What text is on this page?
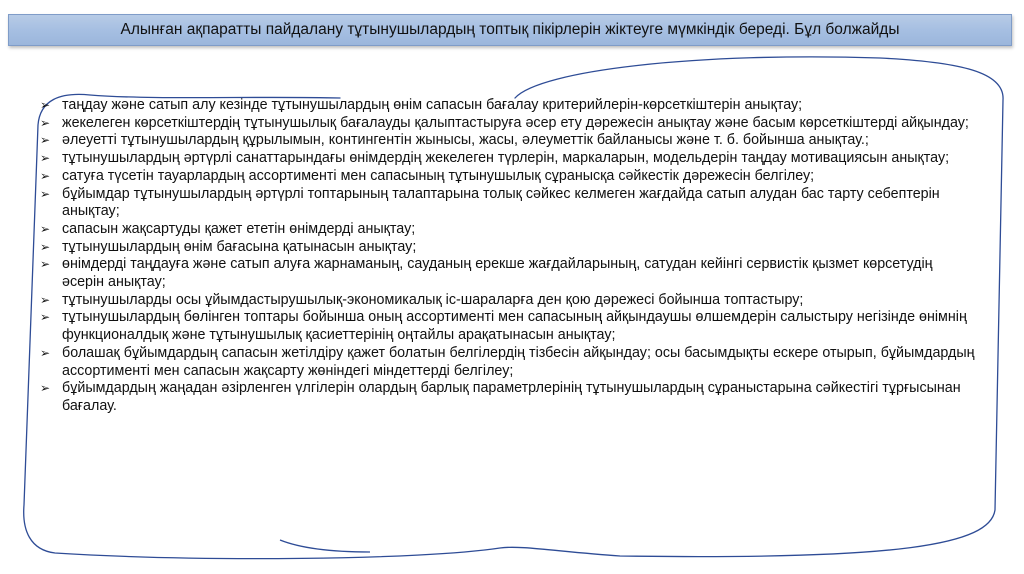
Алынған ақпаратты пайдалану тұтынушылардың топтық пікірлерін жіктеуге мүмкіндік береді. Бұл болжайды
➢ таңдау және сатып алу кезінде тұтынушылардың өнім сапасын бағалау критерийлерін-көрсеткіштерін анықтау;
➢ жекелеген көрсеткіштердің тұтынушылық бағалауды қалыптастыруға әсер ету дәрежесін анықтау және басым көрсеткіштерді айқындау;
➢ әлеуетті тұтынушылардың құрылымын, контингентін жынысы, жасы, әлеуметтік байланысы және т. б. бойынша анықтау.;
➢ тұтынушылардың әртүрлі санаттарындағы өнімдердің жекелеген түрлерін, маркаларын, модельдерін таңдау мотивациясын анықтау;
➢ сатуға түсетін тауарлардың ассортименті мен сапасының тұтынушылық сұранысқа сәйкестік дәрежесін белгілеу;
➢ бұйымдар тұтынушылардың әртүрлі топтарының талаптарына толық сәйкес келмеген жағдайда сатып алудан бас тарту себептерін анықтау;
➢ сапасын жақсартуды қажет ететін өнімдерді анықтау;
➢ тұтынушылардың өнім бағасына қатынасын анықтау;
➢ өнімдерді таңдауға және сатып алуға жарнаманың, сауданың ерекше жағдайларының, сатудан кейінгі сервистік қызмет көрсетудің әсерін анықтау;
➢ тұтынушыларды осы ұйымдастырушылық-экономикалық іс-шараларға ден қою дәрежесі бойынша топтастыру;
➢ тұтынушылардың бөлінген топтары бойынша оның ассортименті мен сапасының айқындаушы өлшемдерін салыстыру негізінде өнімнің функционалдық және тұтынушылық қасиеттерінің оңтайлы арақатынасын анықтау;
➢ болашақ бұйымдардың сапасын жетілдіру қажет болатын белгілердің тізбесін айқындау; осы басымдықты ескере отырып, бұйымдардың ассортименті мен сапасын жақсарту жөніндегі міндеттерді белгілеу;
➢ бұйымдардың жаңадан әзірленген үлгілерін олардың барлық параметрлерінің тұтынушылардың сұраныстарына сәйкестігі тұрғысынан бағалау.
